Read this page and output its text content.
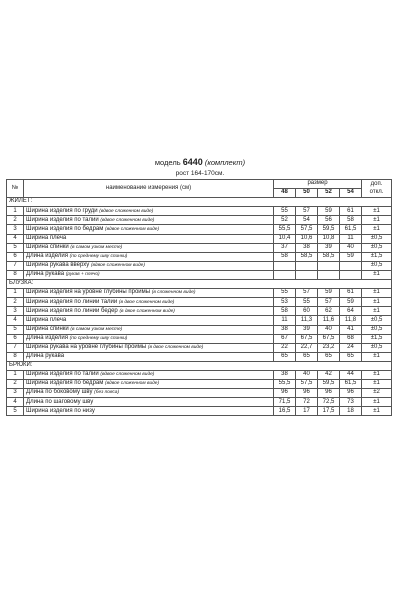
модель 6440 (комплект)
рост 164-170см.
№	наименование измерения (см)	размер				доп. откл.
		48	50	52	54	
ЖИЛЕТ:						
1	Ширина изделия по груди (вдвое сложенном виде)	55	57	59	61	±1
2	Ширина изделия по талии (вдвое сложенном виде)	52	54	56	58	±1
3	Ширина изделия по бедрам (вдвое сложенном виде)	55,5	57,5	59,5	61,5	±1
4	Ширина плеча	10,4	10,6	10,8	11	±0,5
5	Ширина спинки (в самом узком месте)	37	38	39	40	±0,5
6	Длина изделия (по среднему шву спинки)	58	58,5	58,5	59	±1,5
7	Ширина рукава вверху (вдвое сложенном виде)					±0,5
8	Длина рукава (рукав + плечо)					±1
БЛУЗКА:						
1	Ширина изделия на уровне глубины проймы (в сложенном виде)	55	57	59	61	±1
2	Ширина изделия по линии талии (в двое сложенном виде)	53	55	57	59	±1
3	Ширина изделия по линии бедер (в двое сложенном виде)	58	60	62	64	±1
4	Ширина плеча	11	11,3	11,6	11,8	±0,5
5	Ширина спинки (в самом узком месте)	38	39	40	41	±0,5
6	Длина изделия (по среднему шву спинки)	67	67,5	67,5	68	±1,5
7	Ширина рукава на уровне глубины проймы (в двое сложенном виде)	22	22,7	23,2	24	±0,5
8	Длина рукава	65	65	65	65	±1
БРЮКИ:						
1	Ширина изделия по талии (вдвое сложенном виде)	38	40	42	44	±1
2	Ширина изделия по бедрам (вдвое сложенном виде)	55,5	57,5	59,5	61,5	±1
3	Длина по боковому шву (без пояса)	96	96	96	96	±2
4	Длина по шаговому шву	71,5	72	72,5	73	±1
5	Ширина изделия по низу	16,5	17	17,5	18	±1
